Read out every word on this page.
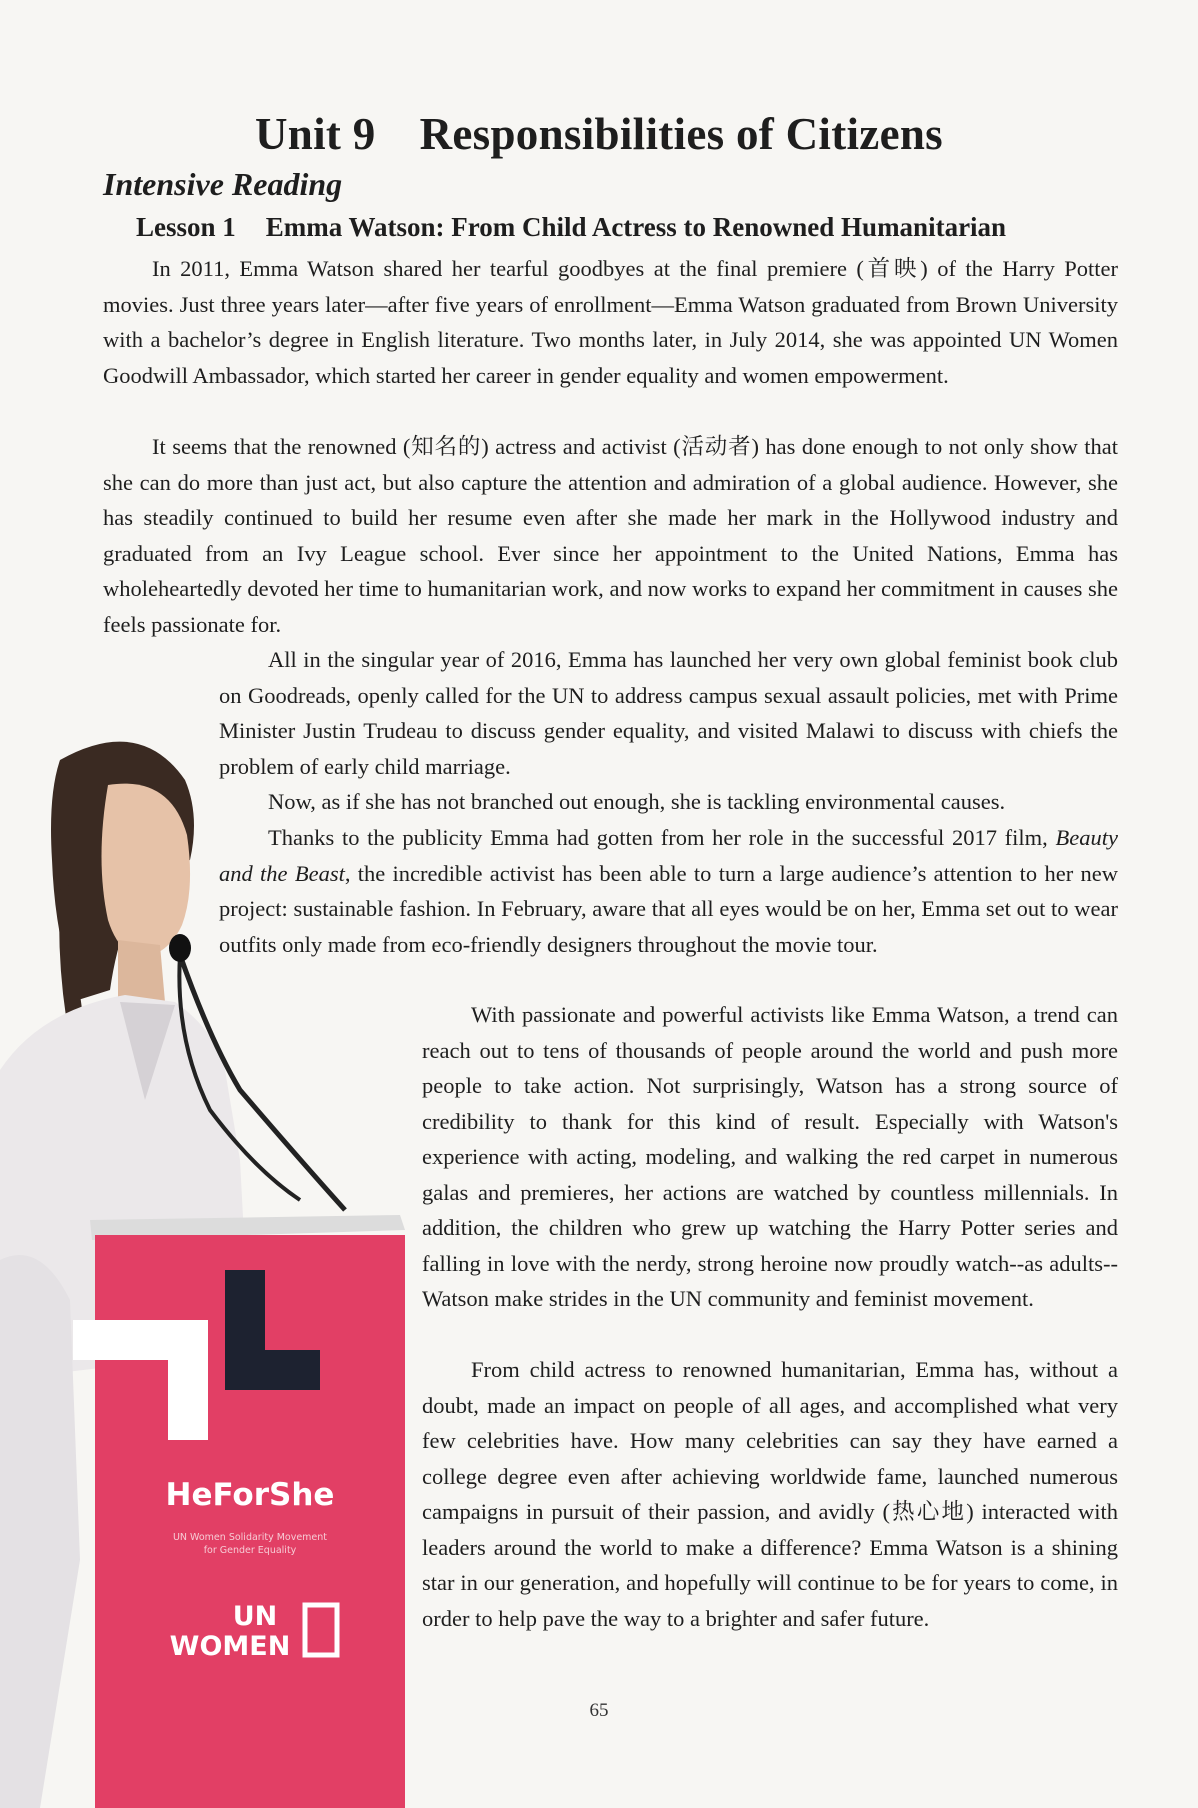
Unit 9 Responsibilities of Citizens
Intensive Reading
Lesson 1 Emma Watson: From Child Actress to Renowned Humanitarian

In 2011, Emma Watson shared her tearful goodbyes at the final premiere (首映) of the Harry Potter movies. Just three years later—after five years of enrollment—Emma Watson graduated from Brown University with a bachelor’s degree in English literature. Two months later, in July 2014, she was appointed UN Women Goodwill Ambassador, which started her career in gender equality and women empowerment.

It seems that the renowned (知名的) actress and activist (活动者) has done enough to not only show that she can do more than just act, but also capture the attention and admiration of a global audience. However, she has steadily continued to build her resume even after she made her mark in the Hollywood industry and graduated from an Ivy League school. Ever since her appointment to the United Nations, Emma has wholeheartedly devoted her time to humanitarian work, and now works to expand her commitment in causes she feels passionate for.

All in the singular year of 2016, Emma has launched her very own global feminist book club on Goodreads, openly called for the UN to address campus sexual assault policies, met with Prime Minister Justin Trudeau to discuss gender equality, and visited Malawi to discuss with chiefs the problem of early child marriage.

Now, as if she has not branched out enough, she is tackling environmental causes.

Thanks to the publicity Emma had gotten from her role in the successful 2017 film, Beauty and the Beast, the incredible activist has been able to turn a large audience’s attention to her new project: sustainable fashion. In February, aware that all eyes would be on her, Emma set out to wear outfits only made from eco-friendly designers throughout the movie tour.

With passionate and powerful activists like Emma Watson, a trend can reach out to tens of thousands of people around the world and push more people to take action. Not surprisingly, Watson has a strong source of credibility to thank for this kind of result. Especially with Watson's experience with acting, modeling, and walking the red carpet in numerous galas and premieres, her actions are watched by countless millennials. In addition, the children who grew up watching the Harry Potter series and falling in love with the nerdy, strong heroine now proudly watch--as adults--Watson make strides in the UN community and feminist movement.

From child actress to renowned humanitarian, Emma has, without a doubt, made an impact on people of all ages, and accomplished what very few celebrities have. How many celebrities can say they have earned a college degree even after achieving worldwide fame, launched numerous campaigns in pursuit of their passion, and avidly (热心地) interacted with leaders around the world to make a difference? Emma Watson is a shining star in our generation, and hopefully will continue to be for years to come, in order to help pave the way to a brighter and safer future.

HeForShe
UN Women Solidarity Movement
for Gender Equality
UN
WOMEN
65
